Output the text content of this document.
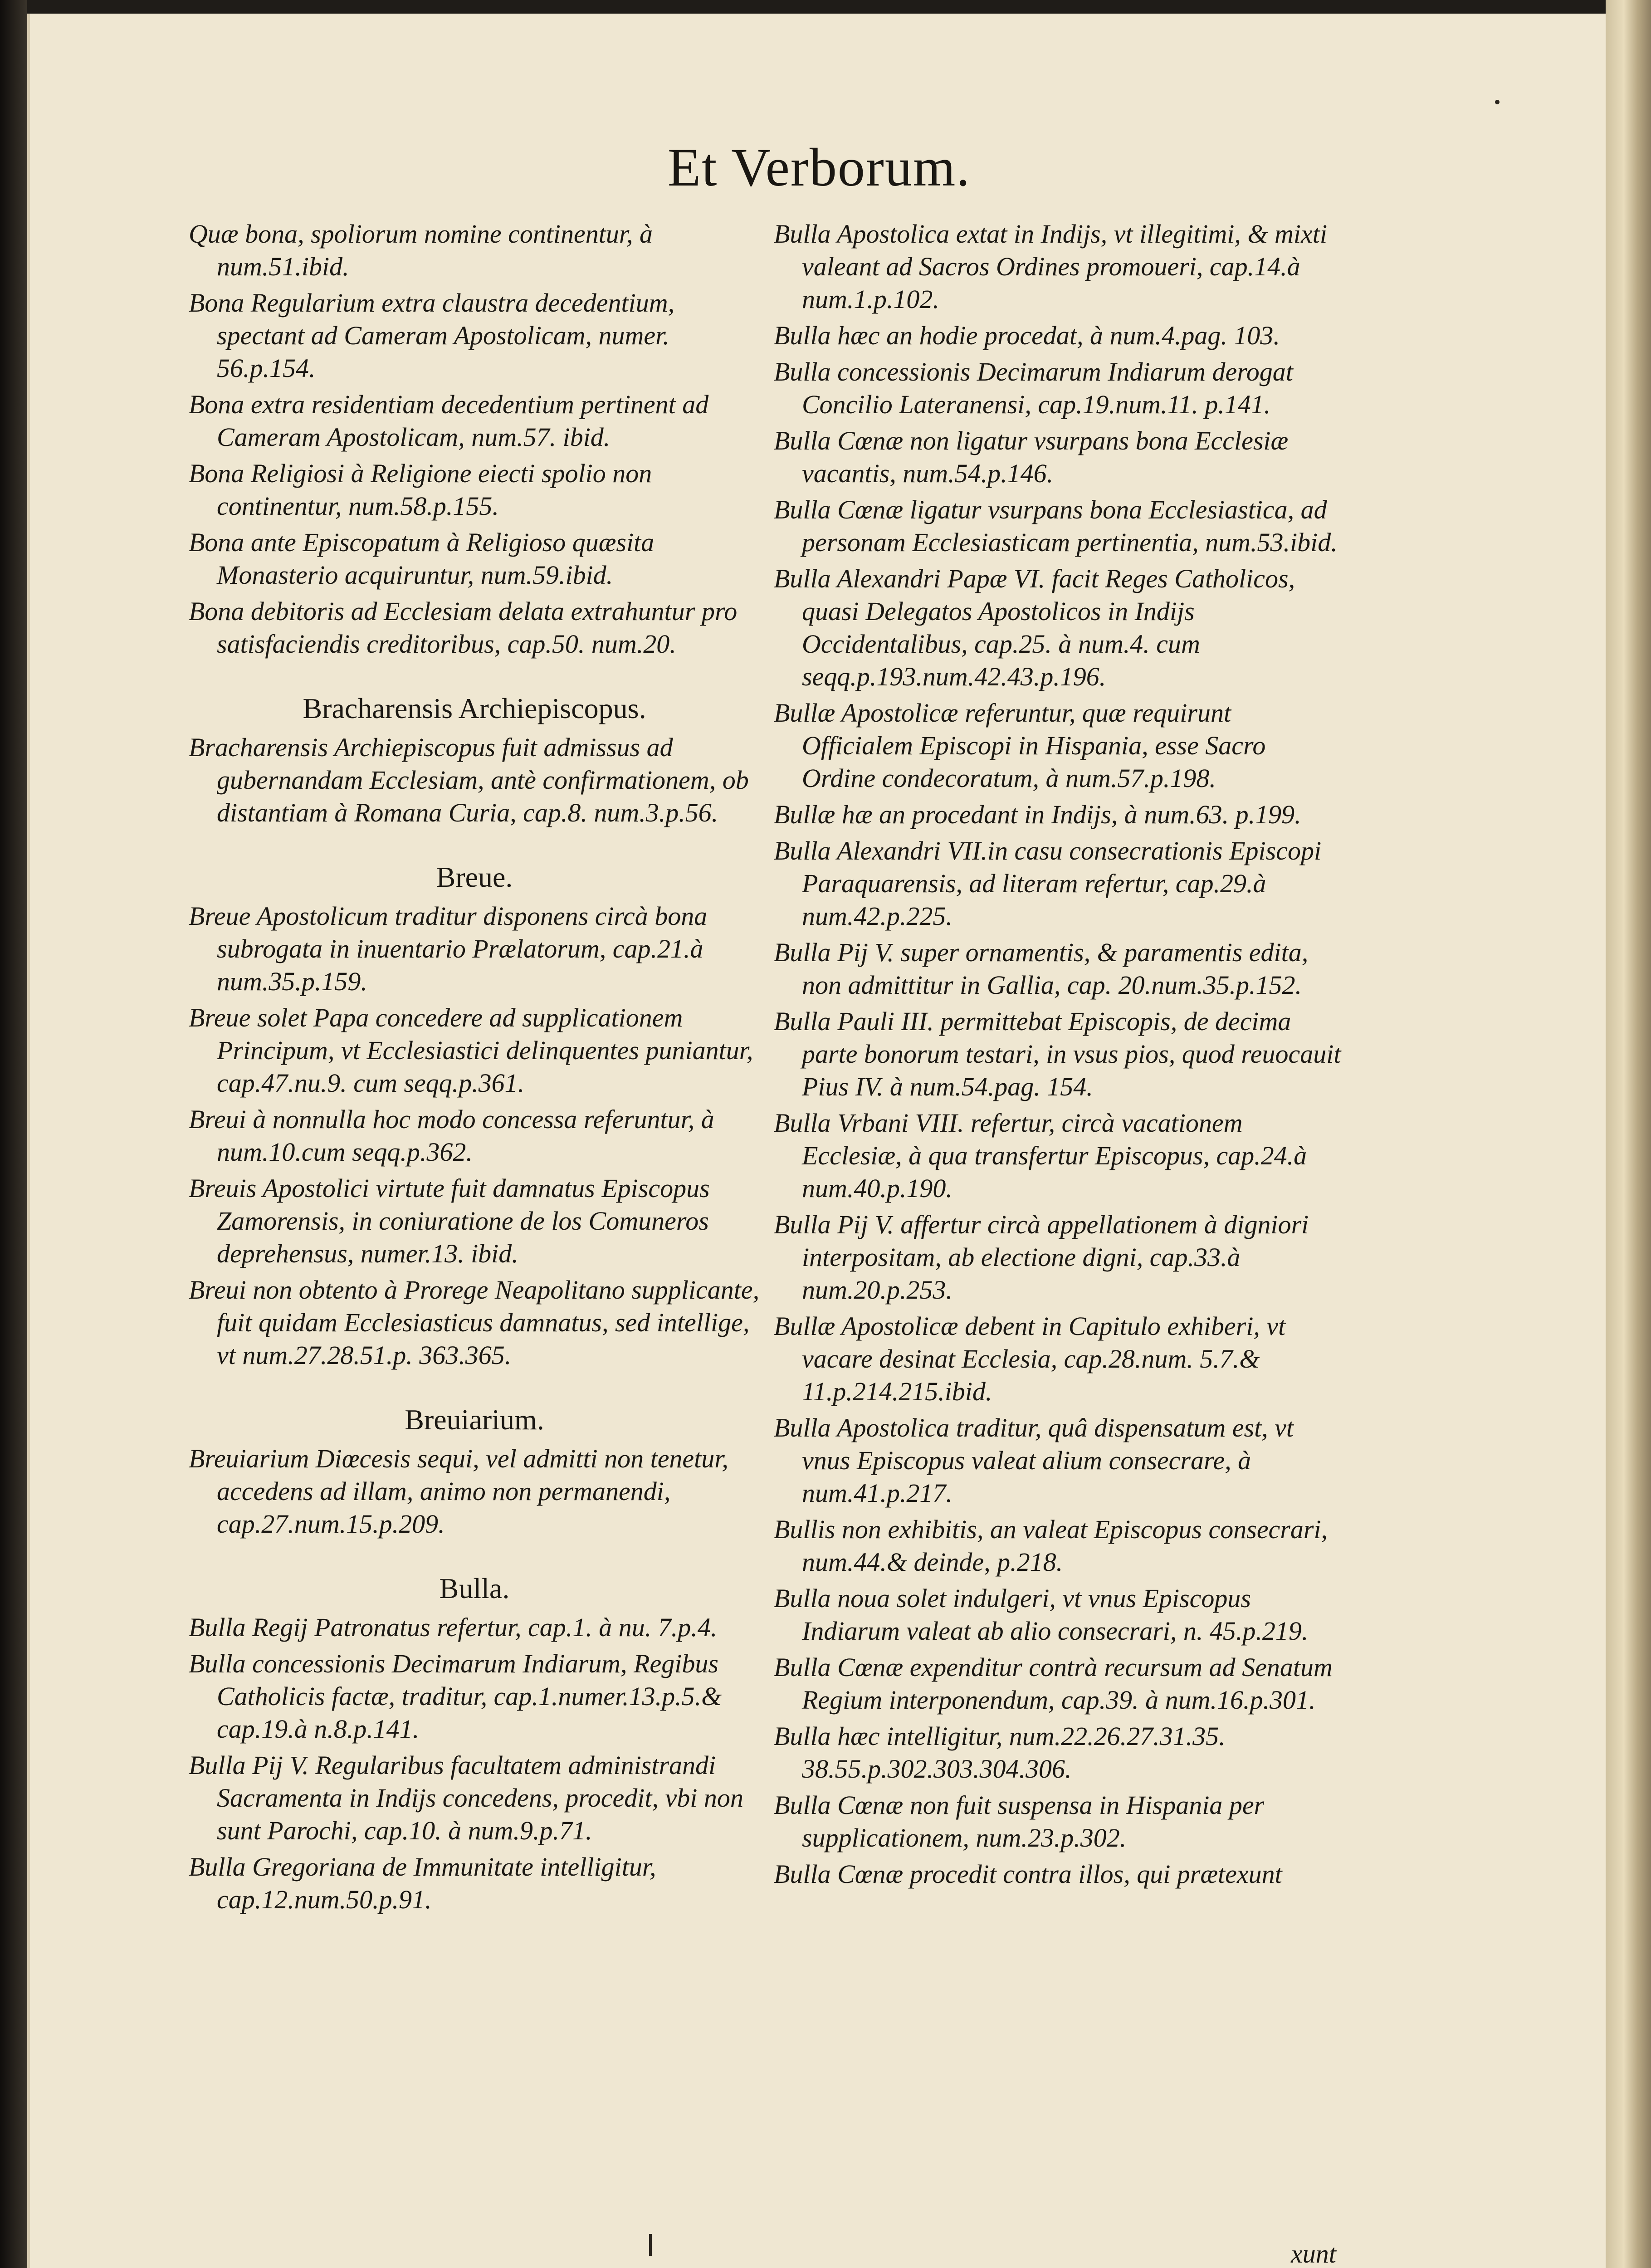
Et Verborum.
Quæ bona, spoliorum nomine continentur, à num.51.ibid.
Bona Regularium extra claustra decedentium, spectant ad Cameram Apostolicam, numer. 56.p.154.
Bona extra residentiam decedentium pertinent ad Cameram Apostolicam, num.57. ibid.
Bona Religiosi à Religione eiecti spolio non continentur, num.58.p.155.
Bona ante Episcopatum à Religioso quæsita Monasterio acquiruntur, num.59.ibid.
Bona debitoris ad Ecclesiam delata extrahuntur pro satisfaciendis creditoribus, cap.50. num.20.
Bracharensis Archiepiscopus.
Bracharensis Archiepiscopus fuit admissus ad gubernandam Ecclesiam, antè confirmationem, ob distantiam à Romana Curia, cap.8. num.3.p.56.
Breue.
Breue Apostolicum traditur disponens circà bona subrogata in inuentario Prælatorum, cap.21.à num.35.p.159.
Breue solet Papa concedere ad supplicationem Principum, vt Ecclesiastici delinquentes puniantur, cap.47.nu.9. cum seqq.p.361.
Breui à nonnulla hoc modo concessa referuntur, à num.10.cum seqq.p.362.
Breuis Apostolici virtute fuit damnatus Episcopus Zamorensis, in coniuratione de los Comuneros deprehensus, numer.13. ibid.
Breui non obtento à Prorege Neapolitano supplicante, fuit quidam Ecclesiasticus damnatus, sed intellige, vt num.27.28.51.p. 363.365.
Breuiarium.
Breuiarium Diœcesis sequi, vel admitti non tenetur, accedens ad illam, animo non permanendi, cap.27.num.15.p.209.
Bulla.
Bulla Regij Patronatus refertur, cap.1. à nu. 7.p.4.
Bulla concessionis Decimarum Indiarum, Regibus Catholicis factæ, traditur, cap.1.numer.13.p.5.& cap.19.à n.8.p.141.
Bulla Pij V. Regularibus facultatem administrandi Sacramenta in Indijs concedens, procedit, vbi non sunt Parochi, cap.10. à num.9.p.71.
Bulla Gregoriana de Immunitate intelligitur, cap.12.num.50.p.91.
Bulla Apostolica extat in Indijs, vt illegitimi, & mixti valeant ad Sacros Ordines promoueri, cap.14.à num.1.p.102.
Bulla hæc an hodie procedat, à num.4.pag. 103.
Bulla concessionis Decimarum Indiarum derogat Concilio Lateranensi, cap.19.num.11. p.141.
Bulla Cœnæ non ligatur vsurpans bona Ecclesiæ vacantis, num.54.p.146.
Bulla Cœnæ ligatur vsurpans bona Ecclesiastica, ad personam Ecclesiasticam pertinentia, num.53.ibid.
Bulla Alexandri Papæ VI. facit Reges Catholicos, quasi Delegatos Apostolicos in Indijs Occidentalibus, cap.25. à num.4. cum seqq.p.193.num.42.43.p.196.
Bullæ Apostolicæ referuntur, quæ requirunt Officialem Episcopi in Hispania, esse Sacro Ordine condecoratum, à num.57.p.198.
Bullæ hæ an procedant in Indijs, à num.63. p.199.
Bulla Alexandri VII.in casu consecrationis Episcopi Paraquarensis, ad literam refertur, cap.29.à num.42.p.225.
Bulla Pij V. super ornamentis, & paramentis edita, non admittitur in Gallia, cap. 20.num.35.p.152.
Bulla Pauli III. permittebat Episcopis, de decima parte bonorum testari, in vsus pios, quod reuocauit Pius IV. à num.54.pag. 154.
Bulla Vrbani VIII. refertur, circà vacationem Ecclesiæ, à qua transfertur Episcopus, cap.24.à num.40.p.190.
Bulla Pij V. affertur circà appellationem à digniori interpositam, ab electione digni, cap.33.à num.20.p.253.
Bullæ Apostolicæ debent in Capitulo exhiberi, vt vacare desinat Ecclesia, cap.28.num. 5.7.& 11.p.214.215.ibid.
Bulla Apostolica traditur, quâ dispensatum est, vt vnus Episcopus valeat alium consecrare, à num.41.p.217.
Bullis non exhibitis, an valeat Episcopus consecrari, num.44.& deinde, p.218.
Bulla noua solet indulgeri, vt vnus Episcopus Indiarum valeat ab alio consecrari, n. 45.p.219.
Bulla Cœnæ expenditur contrà recursum ad Senatum Regium interponendum, cap.39. à num.16.p.301.
Bulla hæc intelligitur, num.22.26.27.31.35. 38.55.p.302.303.304.306.
Bulla Cœnæ non fuit suspensa in Hispania per supplicationem, num.23.p.302.
Bulla Cœnæ procedit contra illos, qui prætexunt
xunt
